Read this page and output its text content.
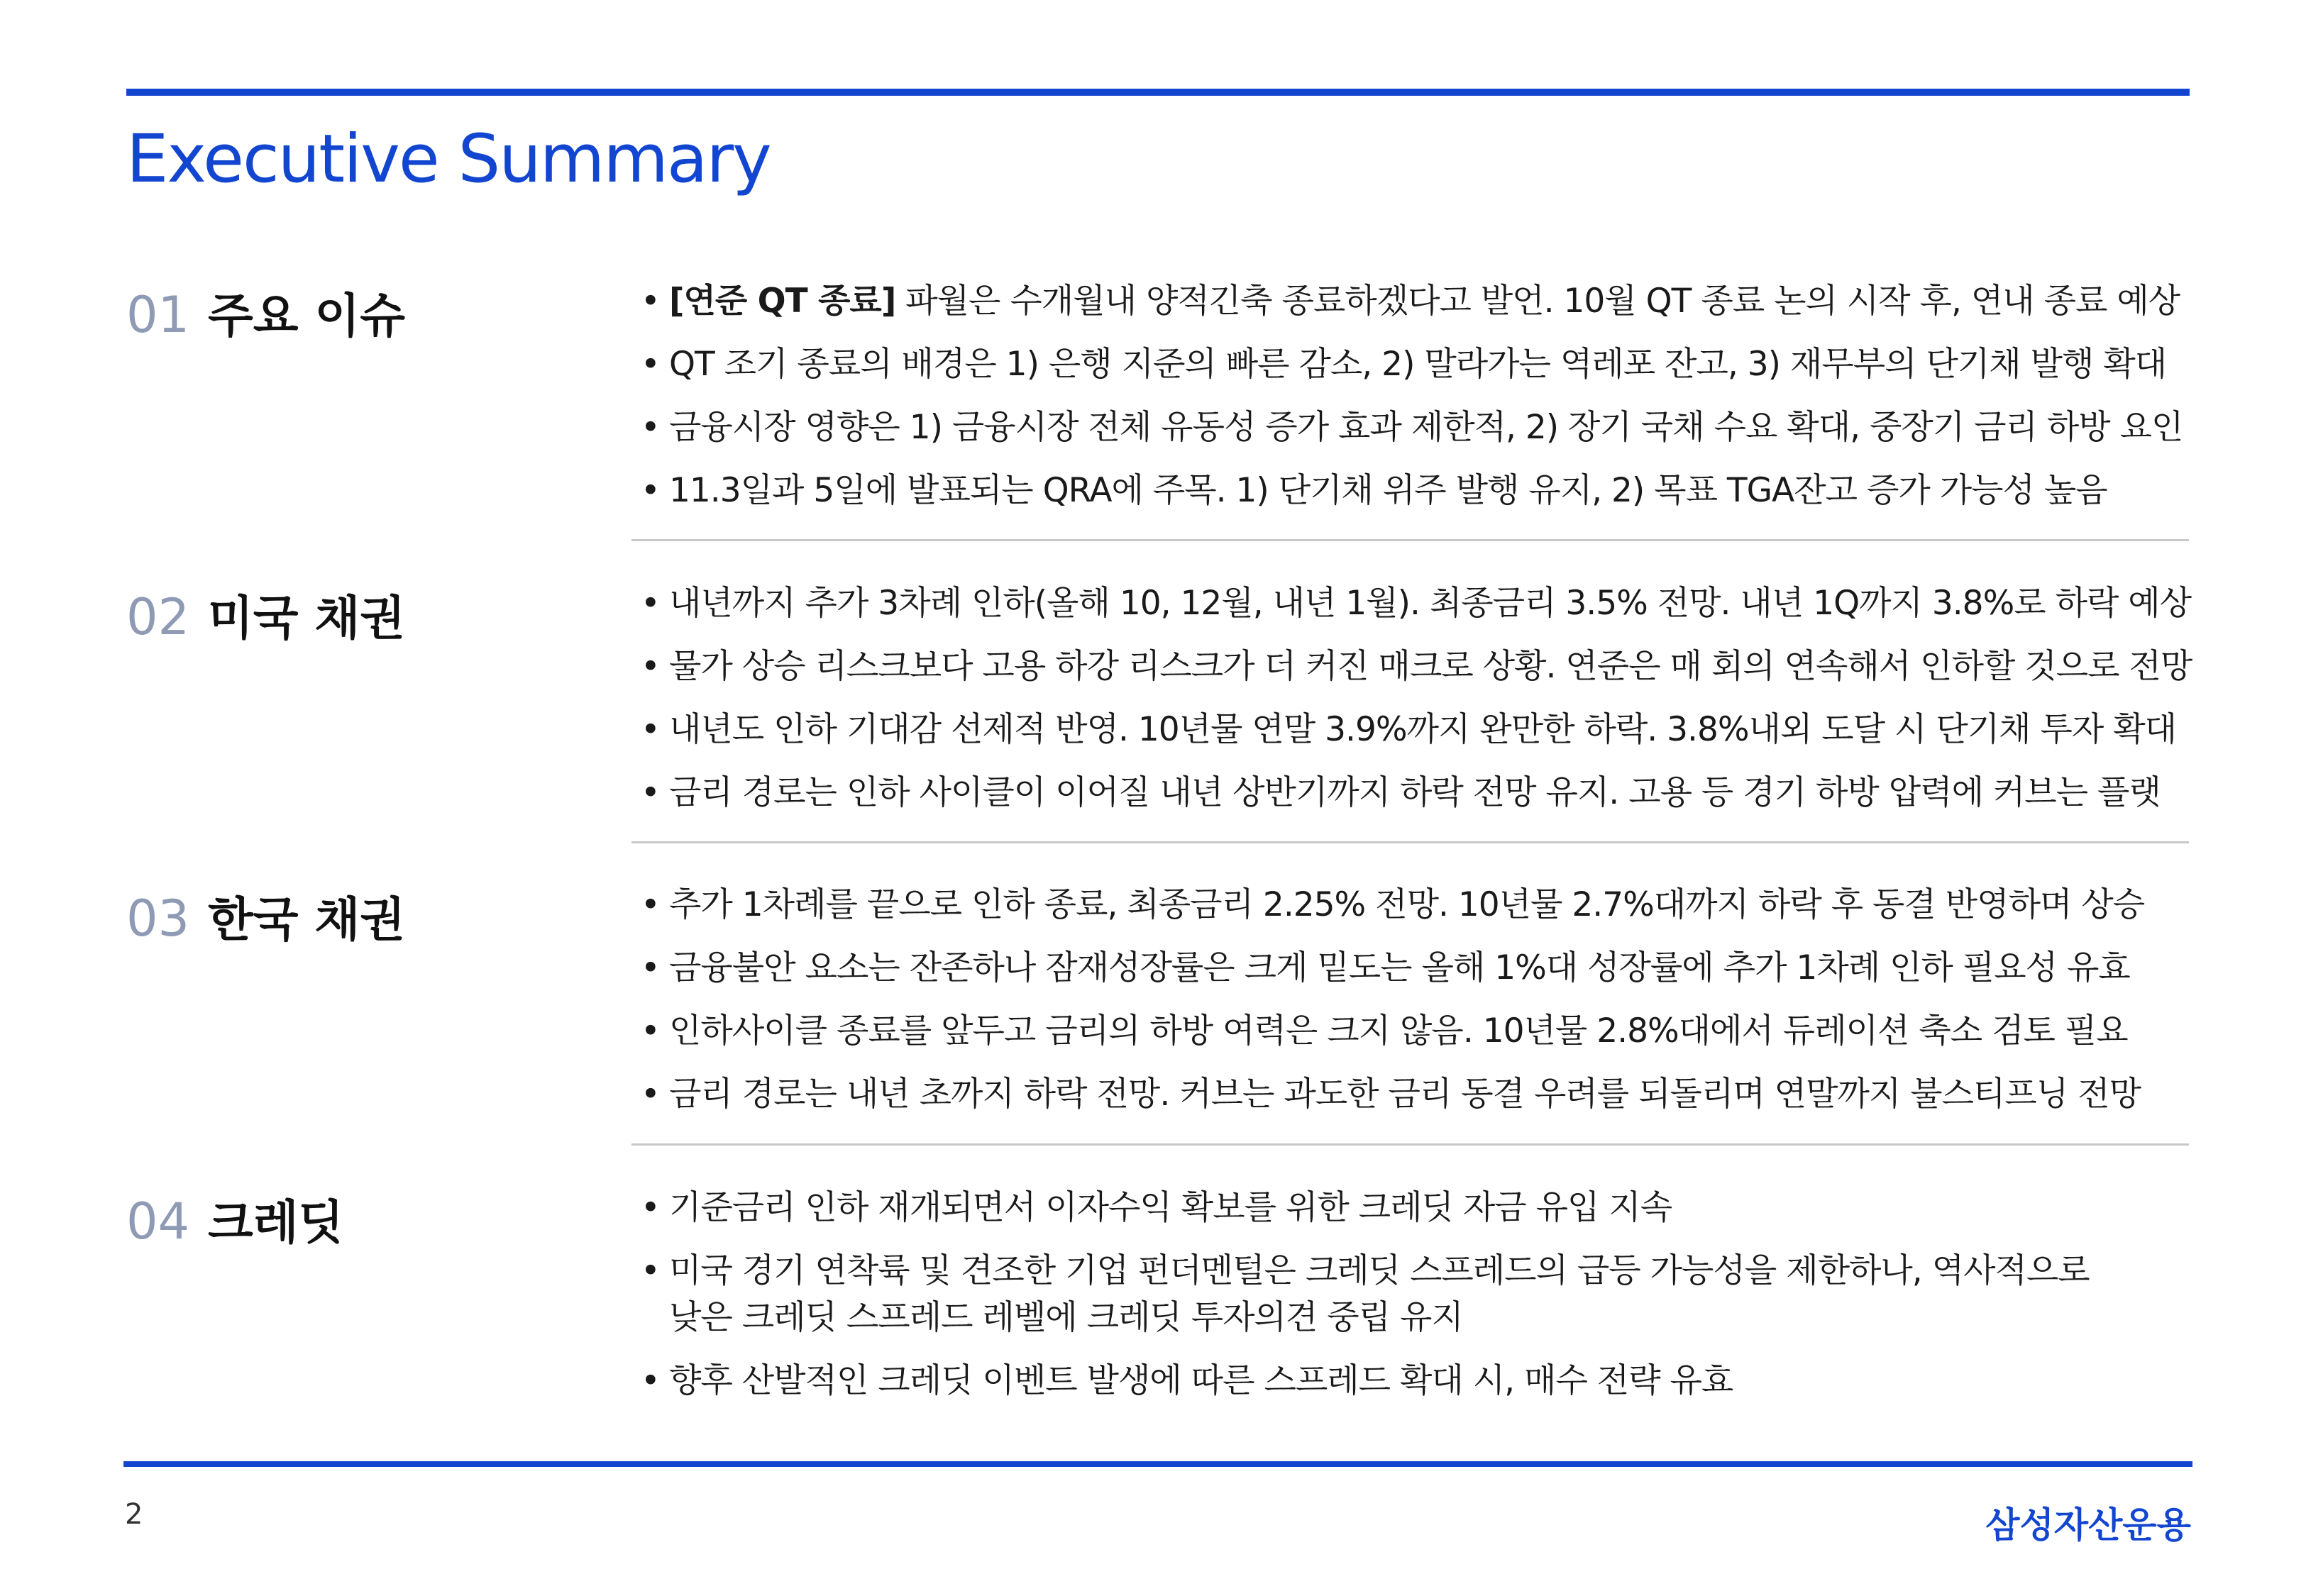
Executive Summary
01 주요 이슈	• [연준 QT 종료] 파월은 수개월내 양적긴축 종료하겠다고 발언. 10월 QT 종료 논의 시작 후, 연내 종료 예상
• QT 조기 종료의 배경은 1) 은행 지준의 빠른 감소, 2) 말라가는 역레포 잔고, 3) 재무부의 단기채 발행 확대
• 금융시장 영향은 1) 금융시장 전체 유동성 증가 효과 제한적, 2) 장기 국채 수요 확대, 중장기 금리 하방 요인
• 11.3일과 5일에 발표되는 QRA에 주목. 1) 단기채 위주 발행 유지, 2) 목표 TGA잔고 증가 가능성 높음
02 미국 채권	• 내년까지 추가 3차례 인하(올해 10, 12월, 내년 1월). 최종금리 3.5% 전망. 내년 1Q까지 3.8%로 하락 예상
• 물가 상승 리스크보다 고용 하강 리스크가 더 커진 매크로 상황. 연준은 매 회의 연속해서 인하할 것으로 전망
• 내년도 인하 기대감 선제적 반영. 10년물 연말 3.9%까지 완만한 하락. 3.8%내외 도달 시 단기채 투자 확대
• 금리 경로는 인하 사이클이 이어질 내년 상반기까지 하락 전망 유지. 고용 등 경기 하방 압력에 커브는 플랫
03 한국 채권	• 추가 1차례를 끝으로 인하 종료, 최종금리 2.25% 전망. 10년물 2.7%대까지 하락 후 동결 반영하며 상승
• 금융불안 요소는 잔존하나 잠재성장률은 크게 밑도는 올해 1%대 성장률에 추가 1차례 인하 필요성 유효
• 인하사이클 종료를 앞두고 금리의 하방 여력은 크지 않음. 10년물 2.8%대에서 듀레이션 축소 검토 필요
• 금리 경로는 내년 초까지 하락 전망. 커브는 과도한 금리 동결 우려를 되돌리며 연말까지 불스티프닝 전망
04 크레딧	• 기준금리 인하 재개되면서 이자수익 확보를 위한 크레딧 자금 유입 지속
• 미국 경기 연착륙 및 견조한 기업 펀더멘털은 크레딧 스프레드의 급등 가능성을 제한하나, 역사적으로 낮은 크레딧 스프레드 레벨에 크레딧 투자의견 중립 유지
• 향후 산발적인 크레딧 이벤트 발생에 따른 스프레드 확대 시, 매수 전략 유효
2	삼성자산운용
